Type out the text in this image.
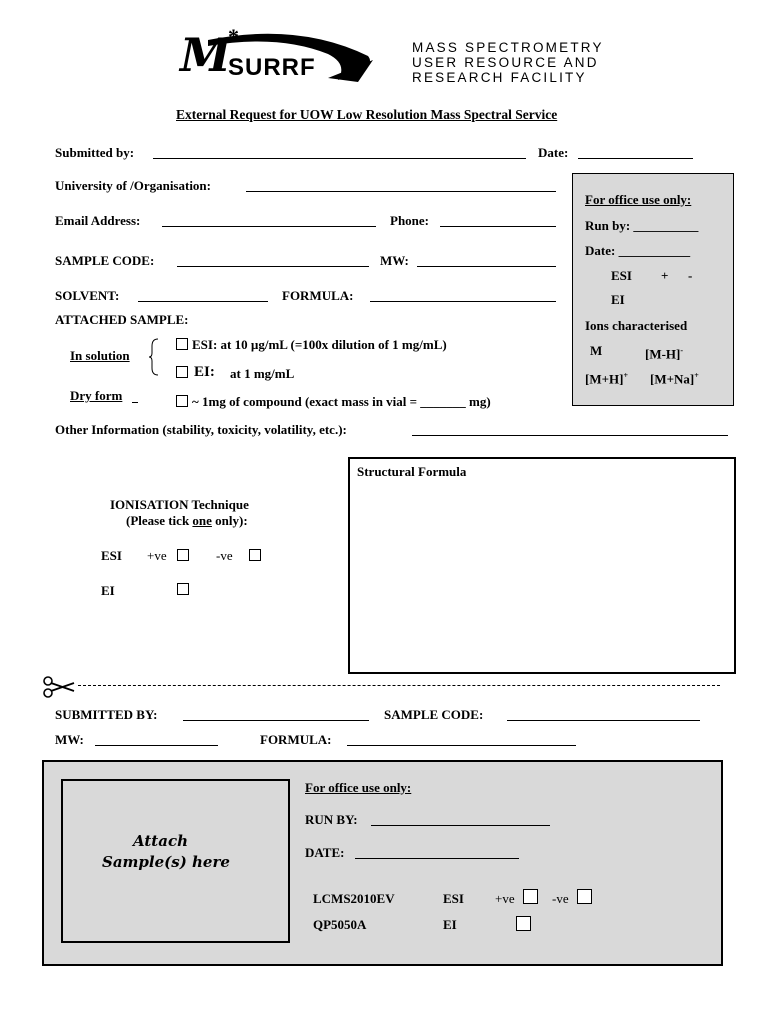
M
*
SURRF
MASS SPECTROMETRY
USER RESOURCE AND
RESEARCH FACILITY
External Request for UOW Low Resolution Mass Spectral Service
Submitted by:	Date:
University of /Organisation:
Email Address:	Phone:
SAMPLE CODE:	MW:
SOLVENT:	FORMULA:
ATTACHED SAMPLE:
In solution
ESI: at 10 µg/mL (=100x dilution of 1 mg/mL)
EI: at 1 mg/mL
Dry form	~ 1mg of compound (exact mass in vial = _______ mg)
Other Information (stability, toxicity, volatility, etc.):
For office use only:
Run by: __________
Date: ___________
ESI + -
EI
Ions characterised
M	[M-H]-
[M+H]+ [M+Na]+
IONISATION Technique
(Please tick one only):
ESI +ve	-ve
EI
Structural Formula
SUBMITTED BY:	SAMPLE CODE:
MW:	FORMULA:
Attach
Sample(s) here
For office use only:
RUN BY:
DATE:
LCMS2010EV	ESI +ve	-ve
QP5050A	EI
